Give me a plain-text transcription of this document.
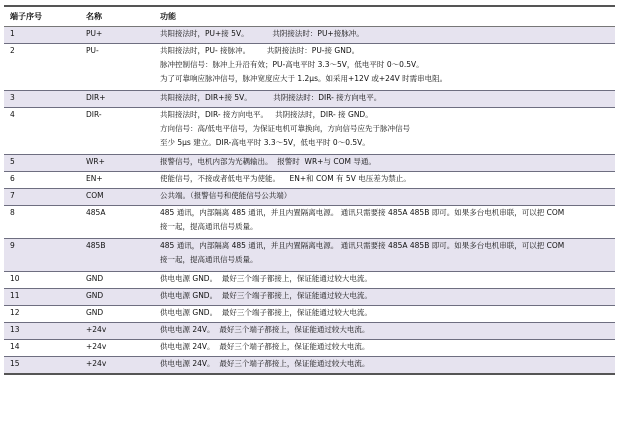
端子序号	名称	功能
1	PU+	共阳接法时，PU+接 5V。          共阴接法时：PU+接脉冲。

2	PU-	共阳接法时，PU- 接脉冲。       共阴接法时：PU-接 GND。
脉冲控制信号：脉冲上升沿有效；PU-高电平时 3.3～5V，低电平时 0～0.5V。
为了可靠响应脉冲信号，脉冲宽度应大于 1.2μs。如采用+12V 或+24V 时需串电阻。

3	DIR+	共阳接法时，DIR+接 5V。         共阴接法时：DIR- 接方向电平。

4	DIR-	共阳接法时，DIR- 接方向电平。   共阴接法时，DIR- 接 GND。
方向信号：高/低电平信号，为保证电机可靠换向，方向信号应先于脉冲信号
至少 5μs 建立。DIR-高电平时 3.3～5V，低电平时 0～0.5V。

5	WR+	报警信号，电机内部为光耦输出。  报警时  WR+与 COM 导通。

6	EN+	使能信号，不接或者低电平为使能。    EN+和 COM 有 5V 电压差为禁止。

7	COM	公共端。（报警信号和使能信号公共端）

8	485A	485 通讯，内部隔离 485 通讯，并且内置隔离电源。 通讯只需要接 485A 485B 即可。如果多台电机串联，可以把 COM
接一起，提高通讯信号质量。

9	485B	485 通讯，内部隔离 485 通讯，并且内置隔离电源。 通讯只需要接 485A 485B 即可。如果多台电机串联，可以把 COM
接一起，提高通讯信号质量。

10	GND	供电电源 GND。  最好三个端子都接上，保证能通过较大电流。

11	GND	供电电源 GND。  最好三个端子都接上，保证能通过较大电流。

12	GND	供电电源 GND。  最好三个端子都接上，保证能通过较大电流。

13	+24v	供电电源 24V。  最好三个端子都接上，保证能通过较大电流。

14	+24v	供电电源 24V。  最好三个端子都接上，保证能通过较大电流。

15	+24v	供电电源 24V。  最好三个端子都接上，保证能通过较大电流。
